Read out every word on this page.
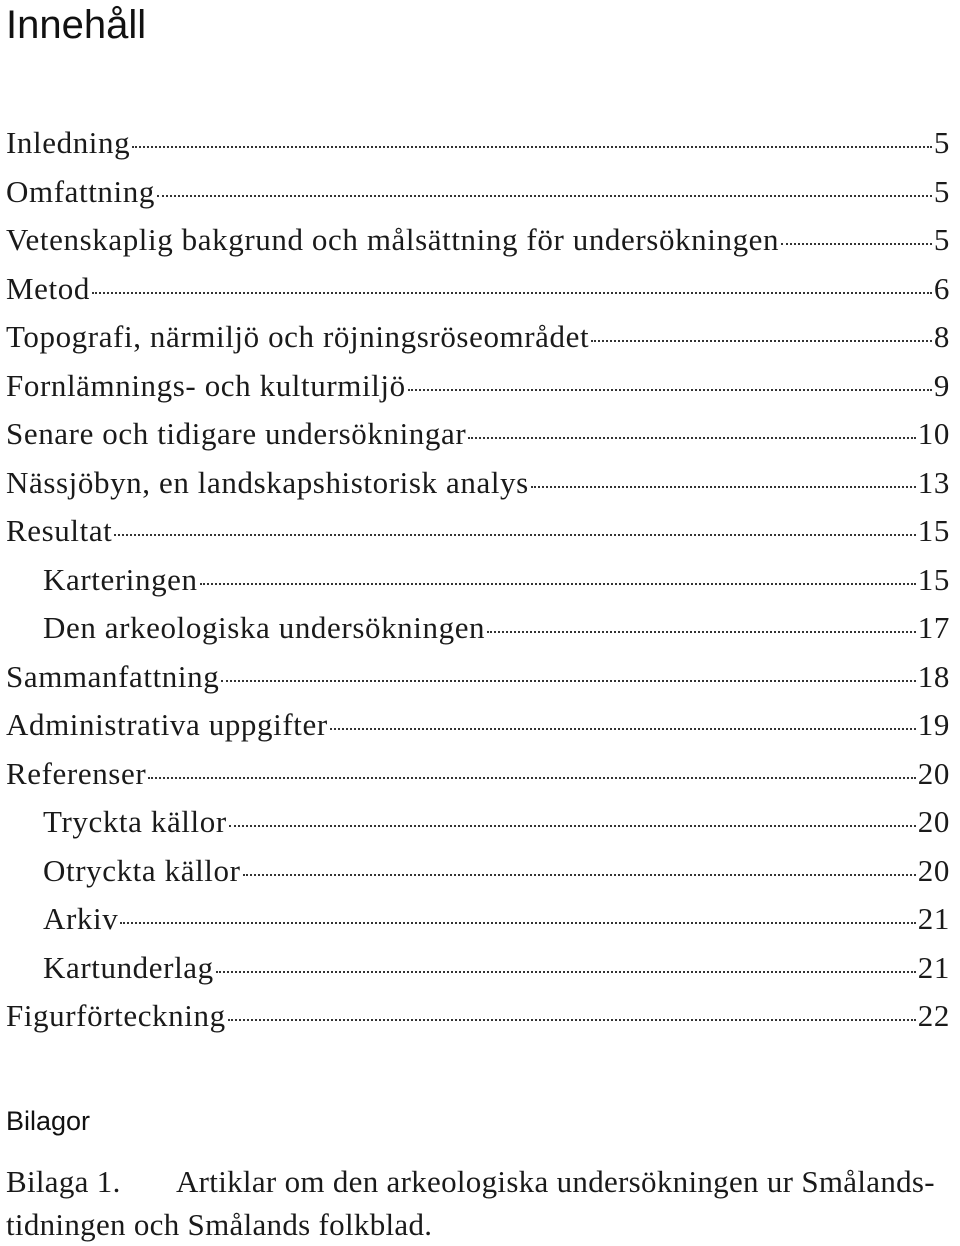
Innehåll
Inledning	5
Omfattning	5
Vetenskaplig bakgrund och målsättning för undersökningen	5
Metod	6
Topografi, närmiljö och röjningsröseområdet	8
Fornlämnings- och kulturmiljö	9
Senare och tidigare undersökningar	10
Nässjöbyn, en landskapshistorisk analys	13
Resultat	15
Karteringen	15
Den arkeologiska undersökningen	17
Sammanfattning	18
Administrativa uppgifter	19
Referenser	20
Tryckta källor	20
Otryckta källor	20
Arkiv	21
Kartunderlag	21
Figurförteckning	22
Bilagor
Bilaga 1.	Artiklar om den arkeologiska undersökningen ur Smålands-
tidningen och Smålands folkblad.
